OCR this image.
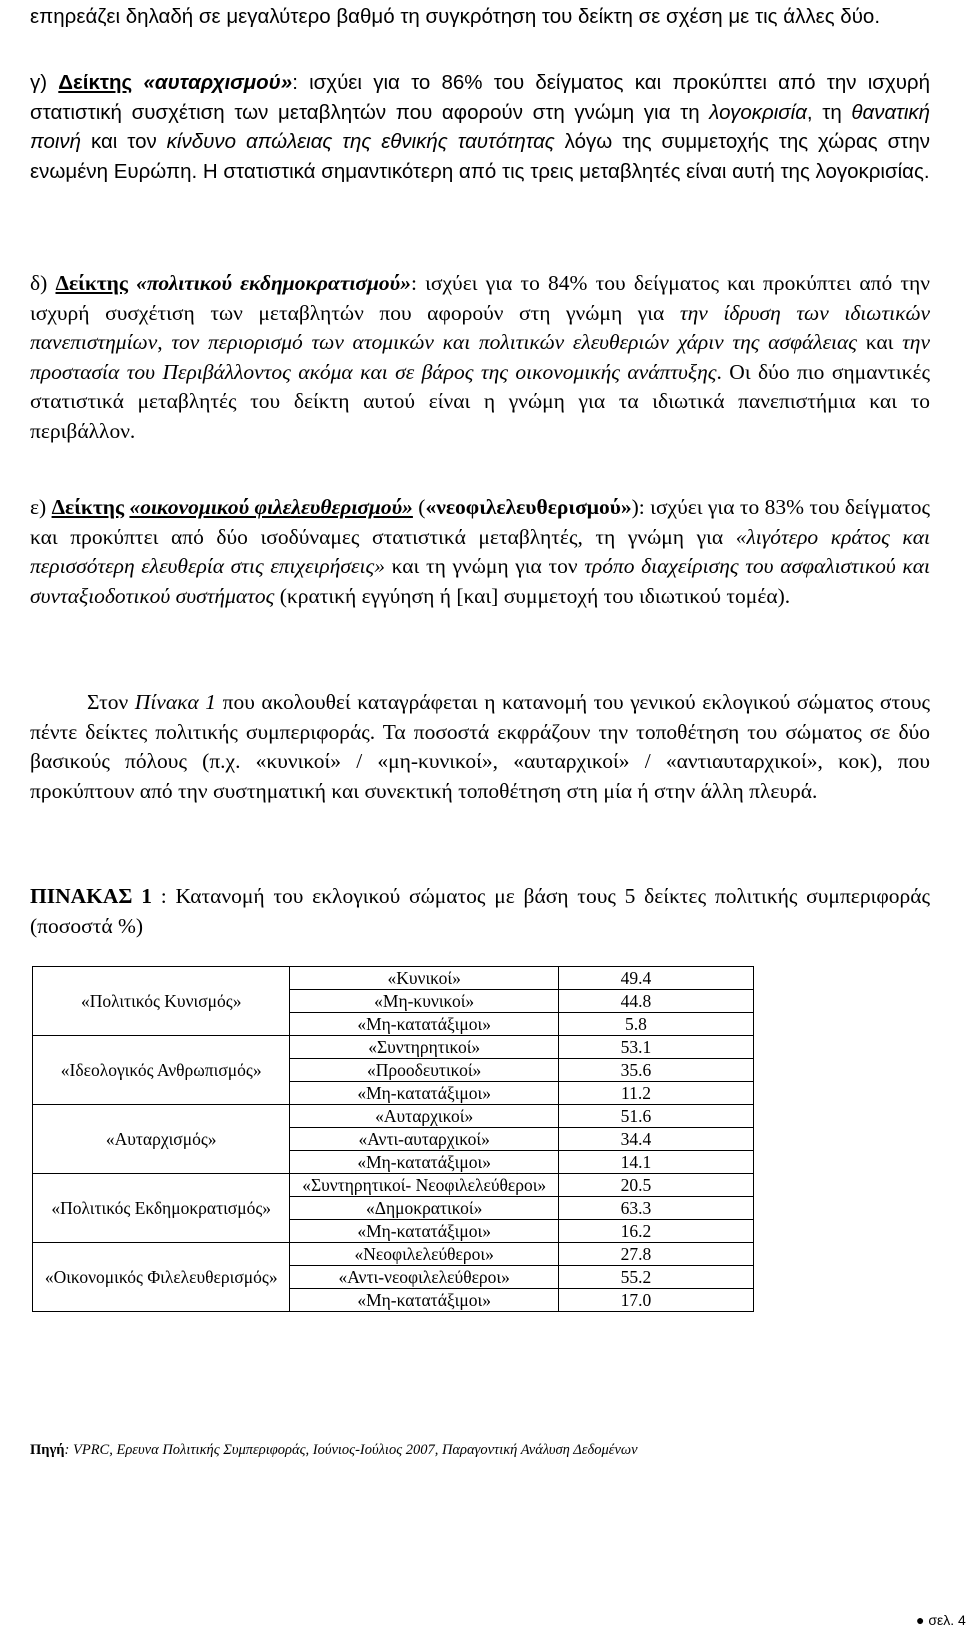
επηρεάζει δηλαδή σε μεγαλύτερο βαθμό τη συγκρότηση του δείκτη σε σχέση με τις άλλες δύο.

γ) Δείκτης «αυταρχισμού»: ισχύει για το 86% του δείγματος και προκύπτει από την ισχυρή στατιστική συσχέτιση των μεταβλητών που αφορούν στη γνώμη για τη λογοκρισία, τη θανατική ποινή και τον κίνδυνο απώλειας της εθνικής ταυτότητας λόγω της συμμετοχής της χώρας στην ενωμένη Ευρώπη. Η στατιστικά σημαντικότερη από τις τρεις μεταβλητές είναι αυτή της λογοκρισίας.

δ) Δείκτης «πολιτικού εκδημοκρατισμού»: ισχύει για το 84% του δείγματος και προκύπτει από την ισχυρή συσχέτιση των μεταβλητών που αφορούν στη γνώμη για την ίδρυση των ιδιωτικών πανεπιστημίων, τον περιορισμό των ατομικών και πολιτικών ελευθεριών χάριν της ασφάλειας και την προστασία του Περιβάλλοντος ακόμα και σε βάρος της οικονομικής ανάπτυξης. Οι δύο πιο σημαντικές στατιστικά μεταβλητές του δείκτη αυτού είναι η γνώμη για τα ιδιωτικά πανεπιστήμια και το περιβάλλον.

ε) Δείκτης «οικονομικού φιλελευθερισμού» («νεοφιλελευθερισμού»): ισχύει για το 83% του δείγματος και προκύπτει από δύο ισοδύναμες στατιστικά μεταβλητές, τη γνώμη για «λιγότερο κράτος και περισσότερη ελευθερία στις επιχειρήσεις» και τη γνώμη για τον τρόπο διαχείρισης του ασφαλιστικού και συνταξιοδοτικού συστήματος (κρατική εγγύηση ή [και] συμμετοχή του ιδιωτικού τομέα).

Στον Πίνακα 1 που ακολουθεί καταγράφεται η κατανομή του γενικού εκλογικού σώματος στους πέντε δείκτες πολιτικής συμπεριφοράς. Τα ποσοστά εκφράζουν την τοποθέτηση του σώματος σε δύο βασικούς πόλους (π.χ. «κυνικοί» / «μη-κυνικοί», «αυταρχικοί» / «αντιαυταρχικοί», κοκ), που προκύπτουν από την συστηματική και συνεκτική τοποθέτηση στη μία ή στην άλλη πλευρά.

ΠΙΝΑΚΑΣ 1 : Κατανομή του εκλογικού σώματος με βάση τους 5 δείκτες πολιτικής συμπεριφοράς (ποσοστά %)

«Πολιτικός Κυνισμός»	«Κυνικοί»	49.4
	«Μη-κυνικοί»	44.8
	«Μη-κατατάξιμοι»	5.8
«Ιδεολογικός Ανθρωπισμός»	«Συντηρητικοί»	53.1
	«Προοδευτικοί»	35.6
	«Μη-κατατάξιμοι»	11.2
«Αυταρχισμός»	«Αυταρχικοί»	51.6
	«Αντι-αυταρχικοί»	34.4
	«Μη-κατατάξιμοι»	14.1
«Πολιτικός Εκδημοκρατισμός»	«Συντηρητικοί- Νεοφιλελεύθεροι»	20.5
	«Δημοκρατικοί»	63.3
	«Μη-κατατάξιμοι»	16.2
«Οικονομικός Φιλελευθερισμός»	«Νεοφιλελεύθεροι»	27.8
	«Αντι-νεοφιλελεύθεροι»	55.2
	«Μη-κατατάξιμοι»	17.0

Πηγή: VPRC, Ερευνα Πολιτικής Συμπεριφοράς, Ιούνιος-Ιούλιος 2007, Παραγοντική Ανάλυση Δεδομένων

● σελ. 4
